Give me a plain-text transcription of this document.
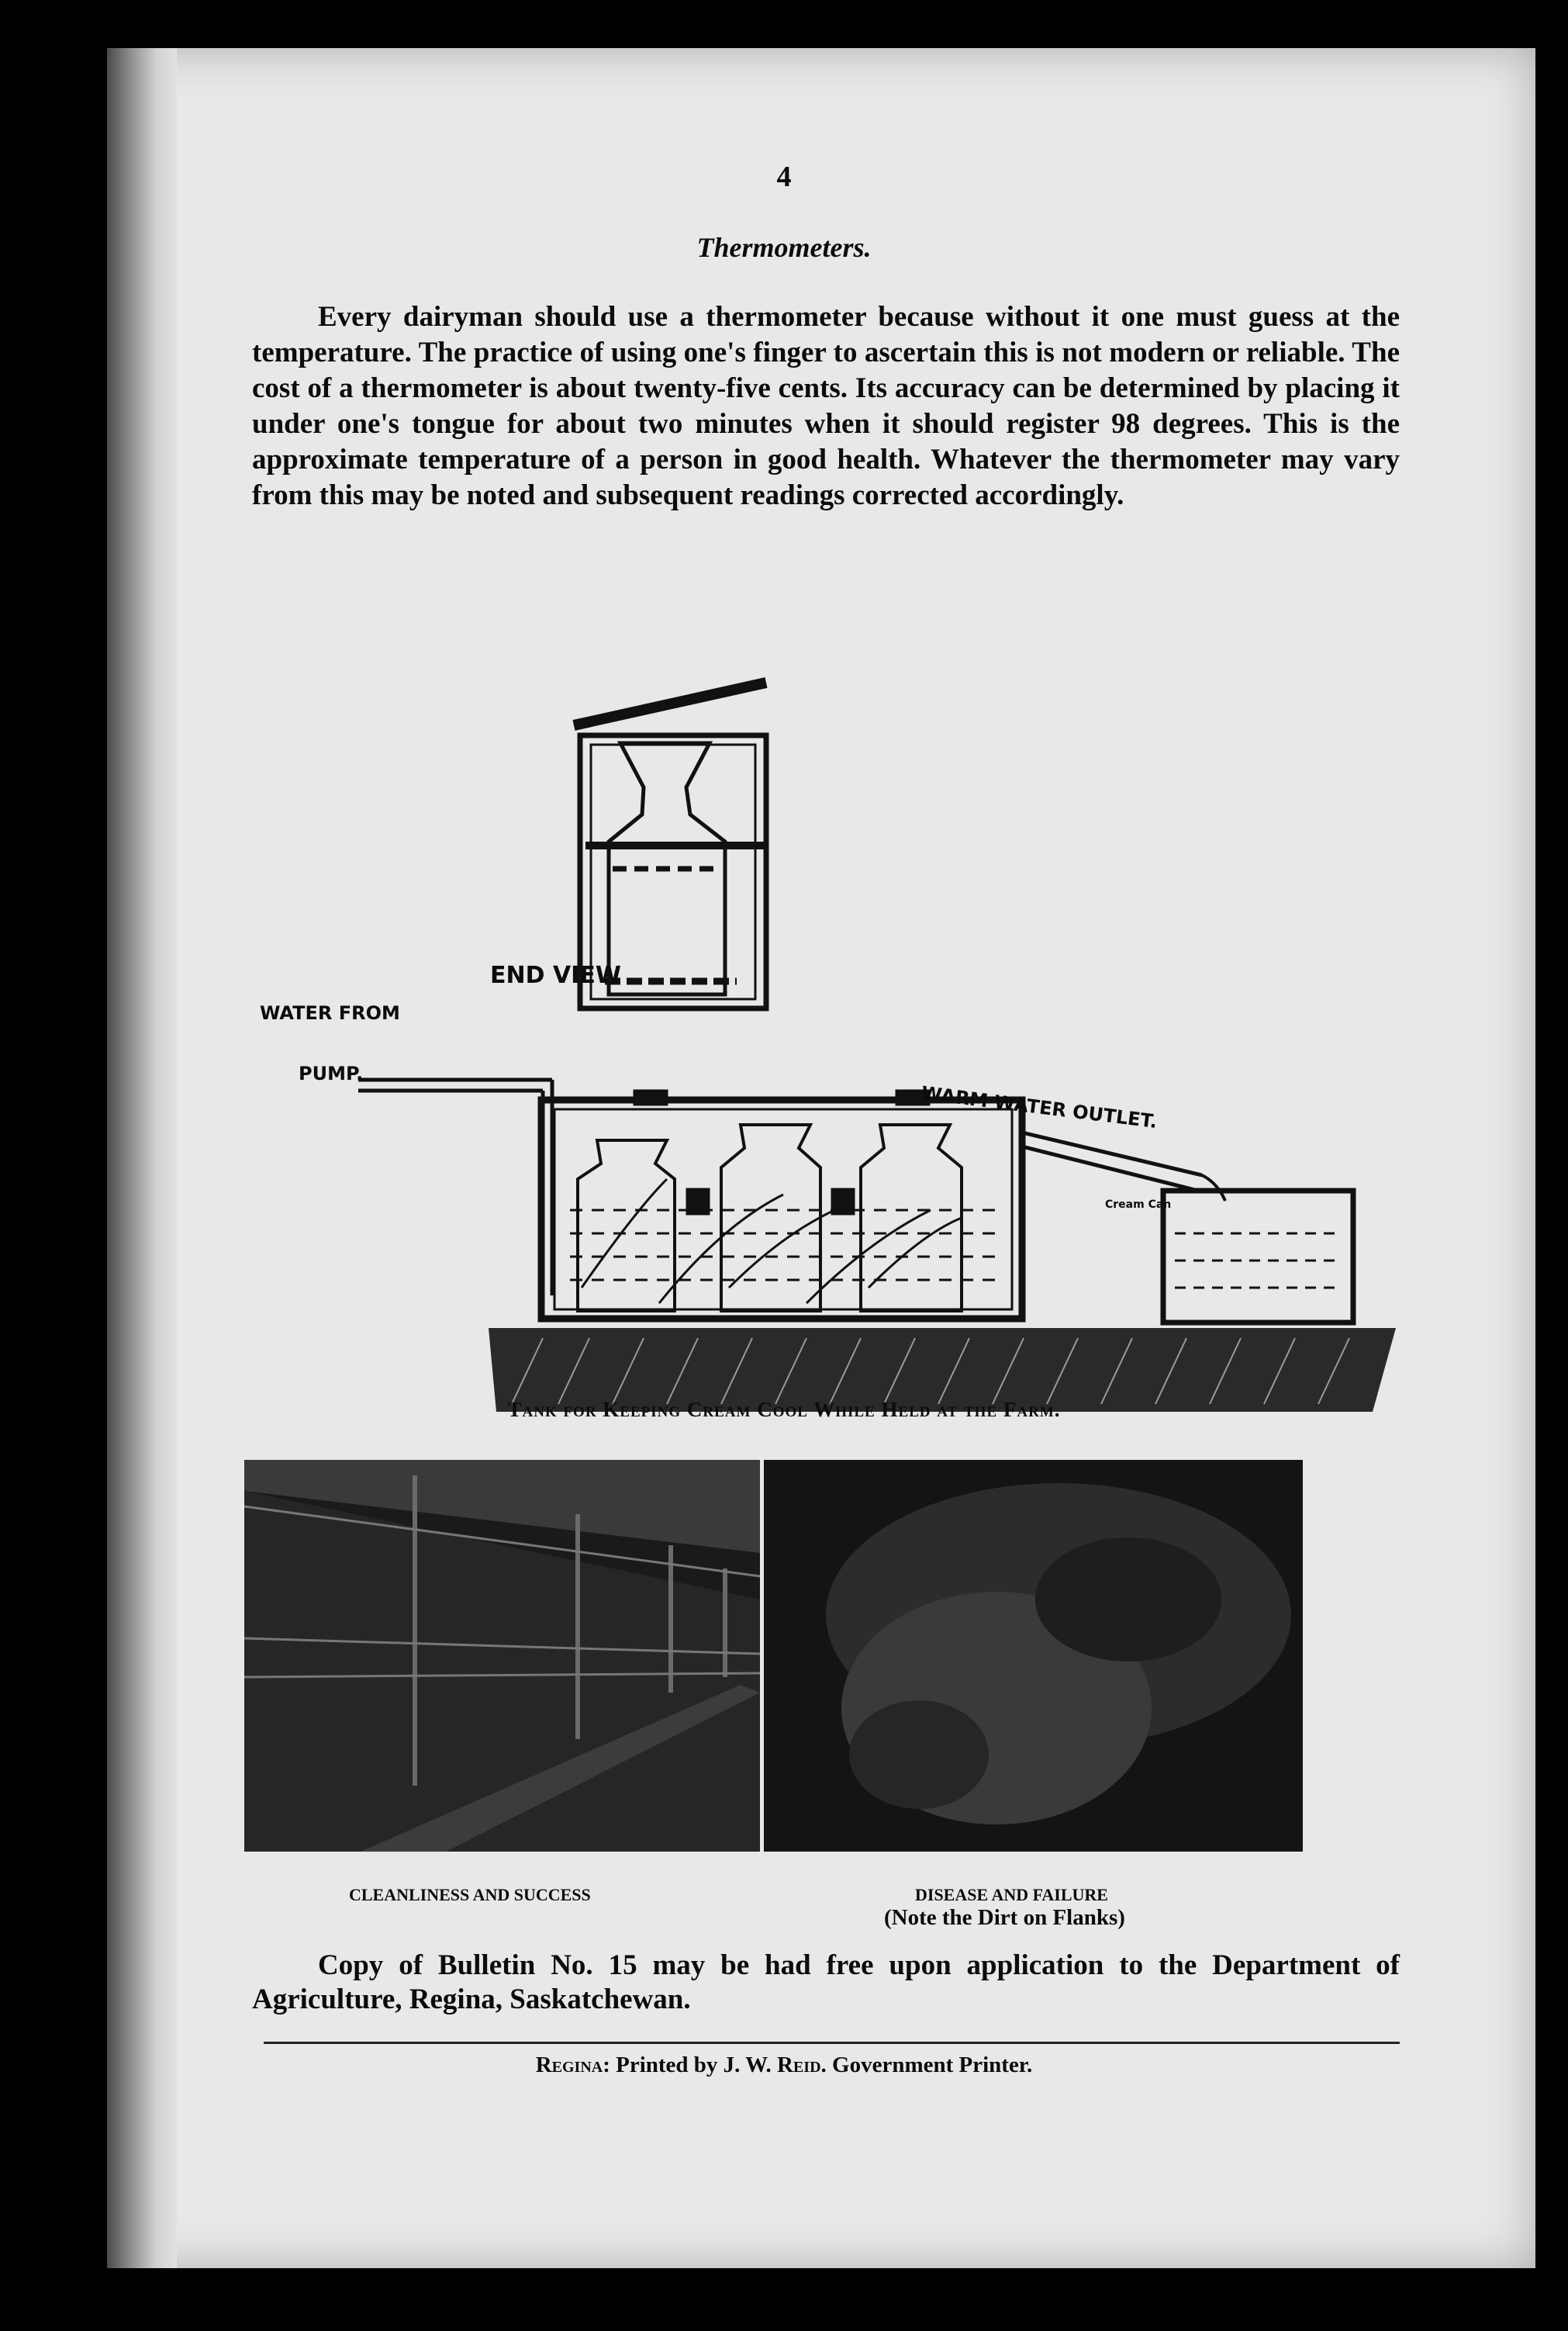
4

Thermometers.

Every dairyman should use a thermometer because without it one must guess at the temperature. The practice of using one's finger to ascertain this is not modern or reliable. The cost of a thermometer is about twenty-five cents. Its accuracy can be determined by placing it under one's tongue for about two minutes when it should register 98 degrees. This is the approximate temperature of a person in good health. Whatever the thermometer may vary from this may be noted and subsequent readings corrected accordingly.

END VIEW

WATER FROM

PUMP.

WARM WATER OUTLET.

Cream Can

Tank for Keeping Cream Cool While Held at the Farm.

CLEANLINESS AND SUCCESS	DISEASE AND FAILURE

(Note the Dirt on Flanks)

Copy of Bulletin No. 15 may be had free upon application to the Department of Agriculture, Regina, Saskatchewan.

Regina: Printed by J. W. Reid. Government Printer.
